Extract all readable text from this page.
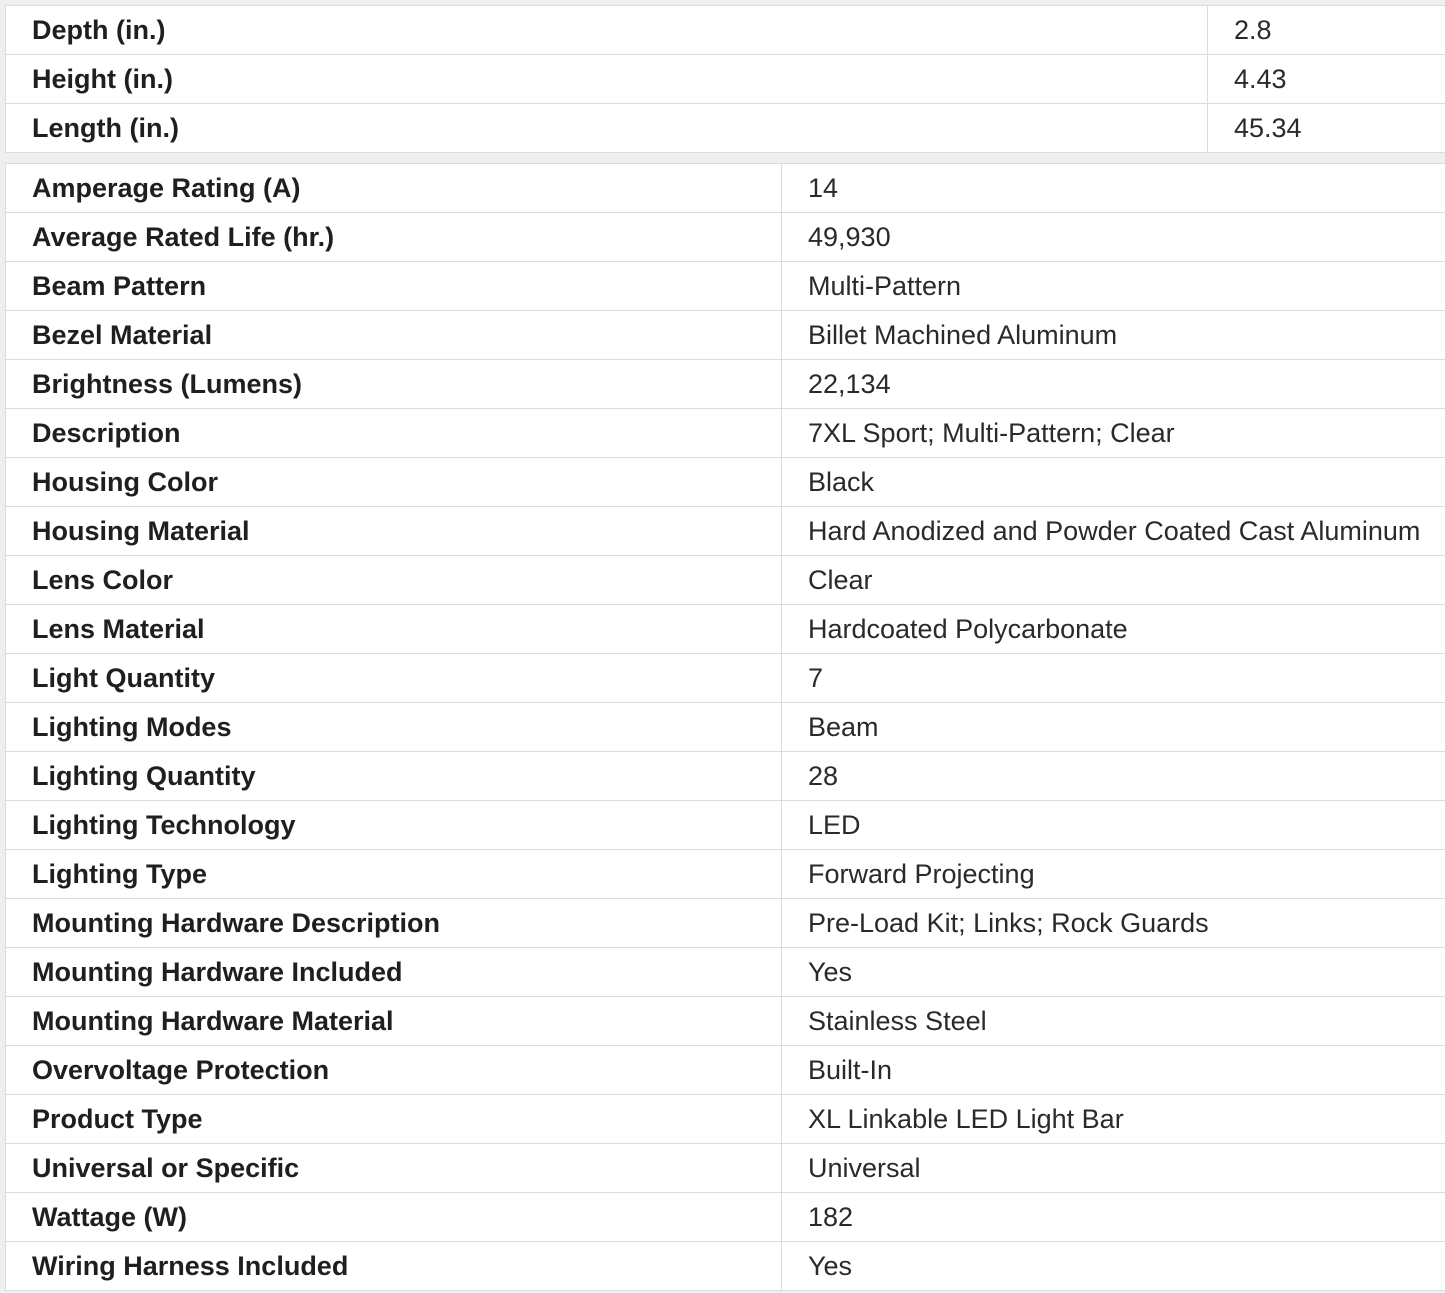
Depth (in.)	2.8
Height (in.)	4.43
Length (in.)	45.34
Amperage Rating (A)	14
Average Rated Life (hr.)	49,930
Beam Pattern	Multi-Pattern
Bezel Material	Billet Machined Aluminum
Brightness (Lumens)	22,134
Description	7XL Sport; Multi-Pattern; Clear
Housing Color	Black
Housing Material	Hard Anodized and Powder Coated Cast Aluminum
Lens Color	Clear
Lens Material	Hardcoated Polycarbonate
Light Quantity	7
Lighting Modes	Beam
Lighting Quantity	28
Lighting Technology	LED
Lighting Type	Forward Projecting
Mounting Hardware Description	Pre-Load Kit; Links; Rock Guards
Mounting Hardware Included	Yes
Mounting Hardware Material	Stainless Steel
Overvoltage Protection	Built-In
Product Type	XL Linkable LED Light Bar
Universal or Specific	Universal
Wattage (W)	182
Wiring Harness Included	Yes
